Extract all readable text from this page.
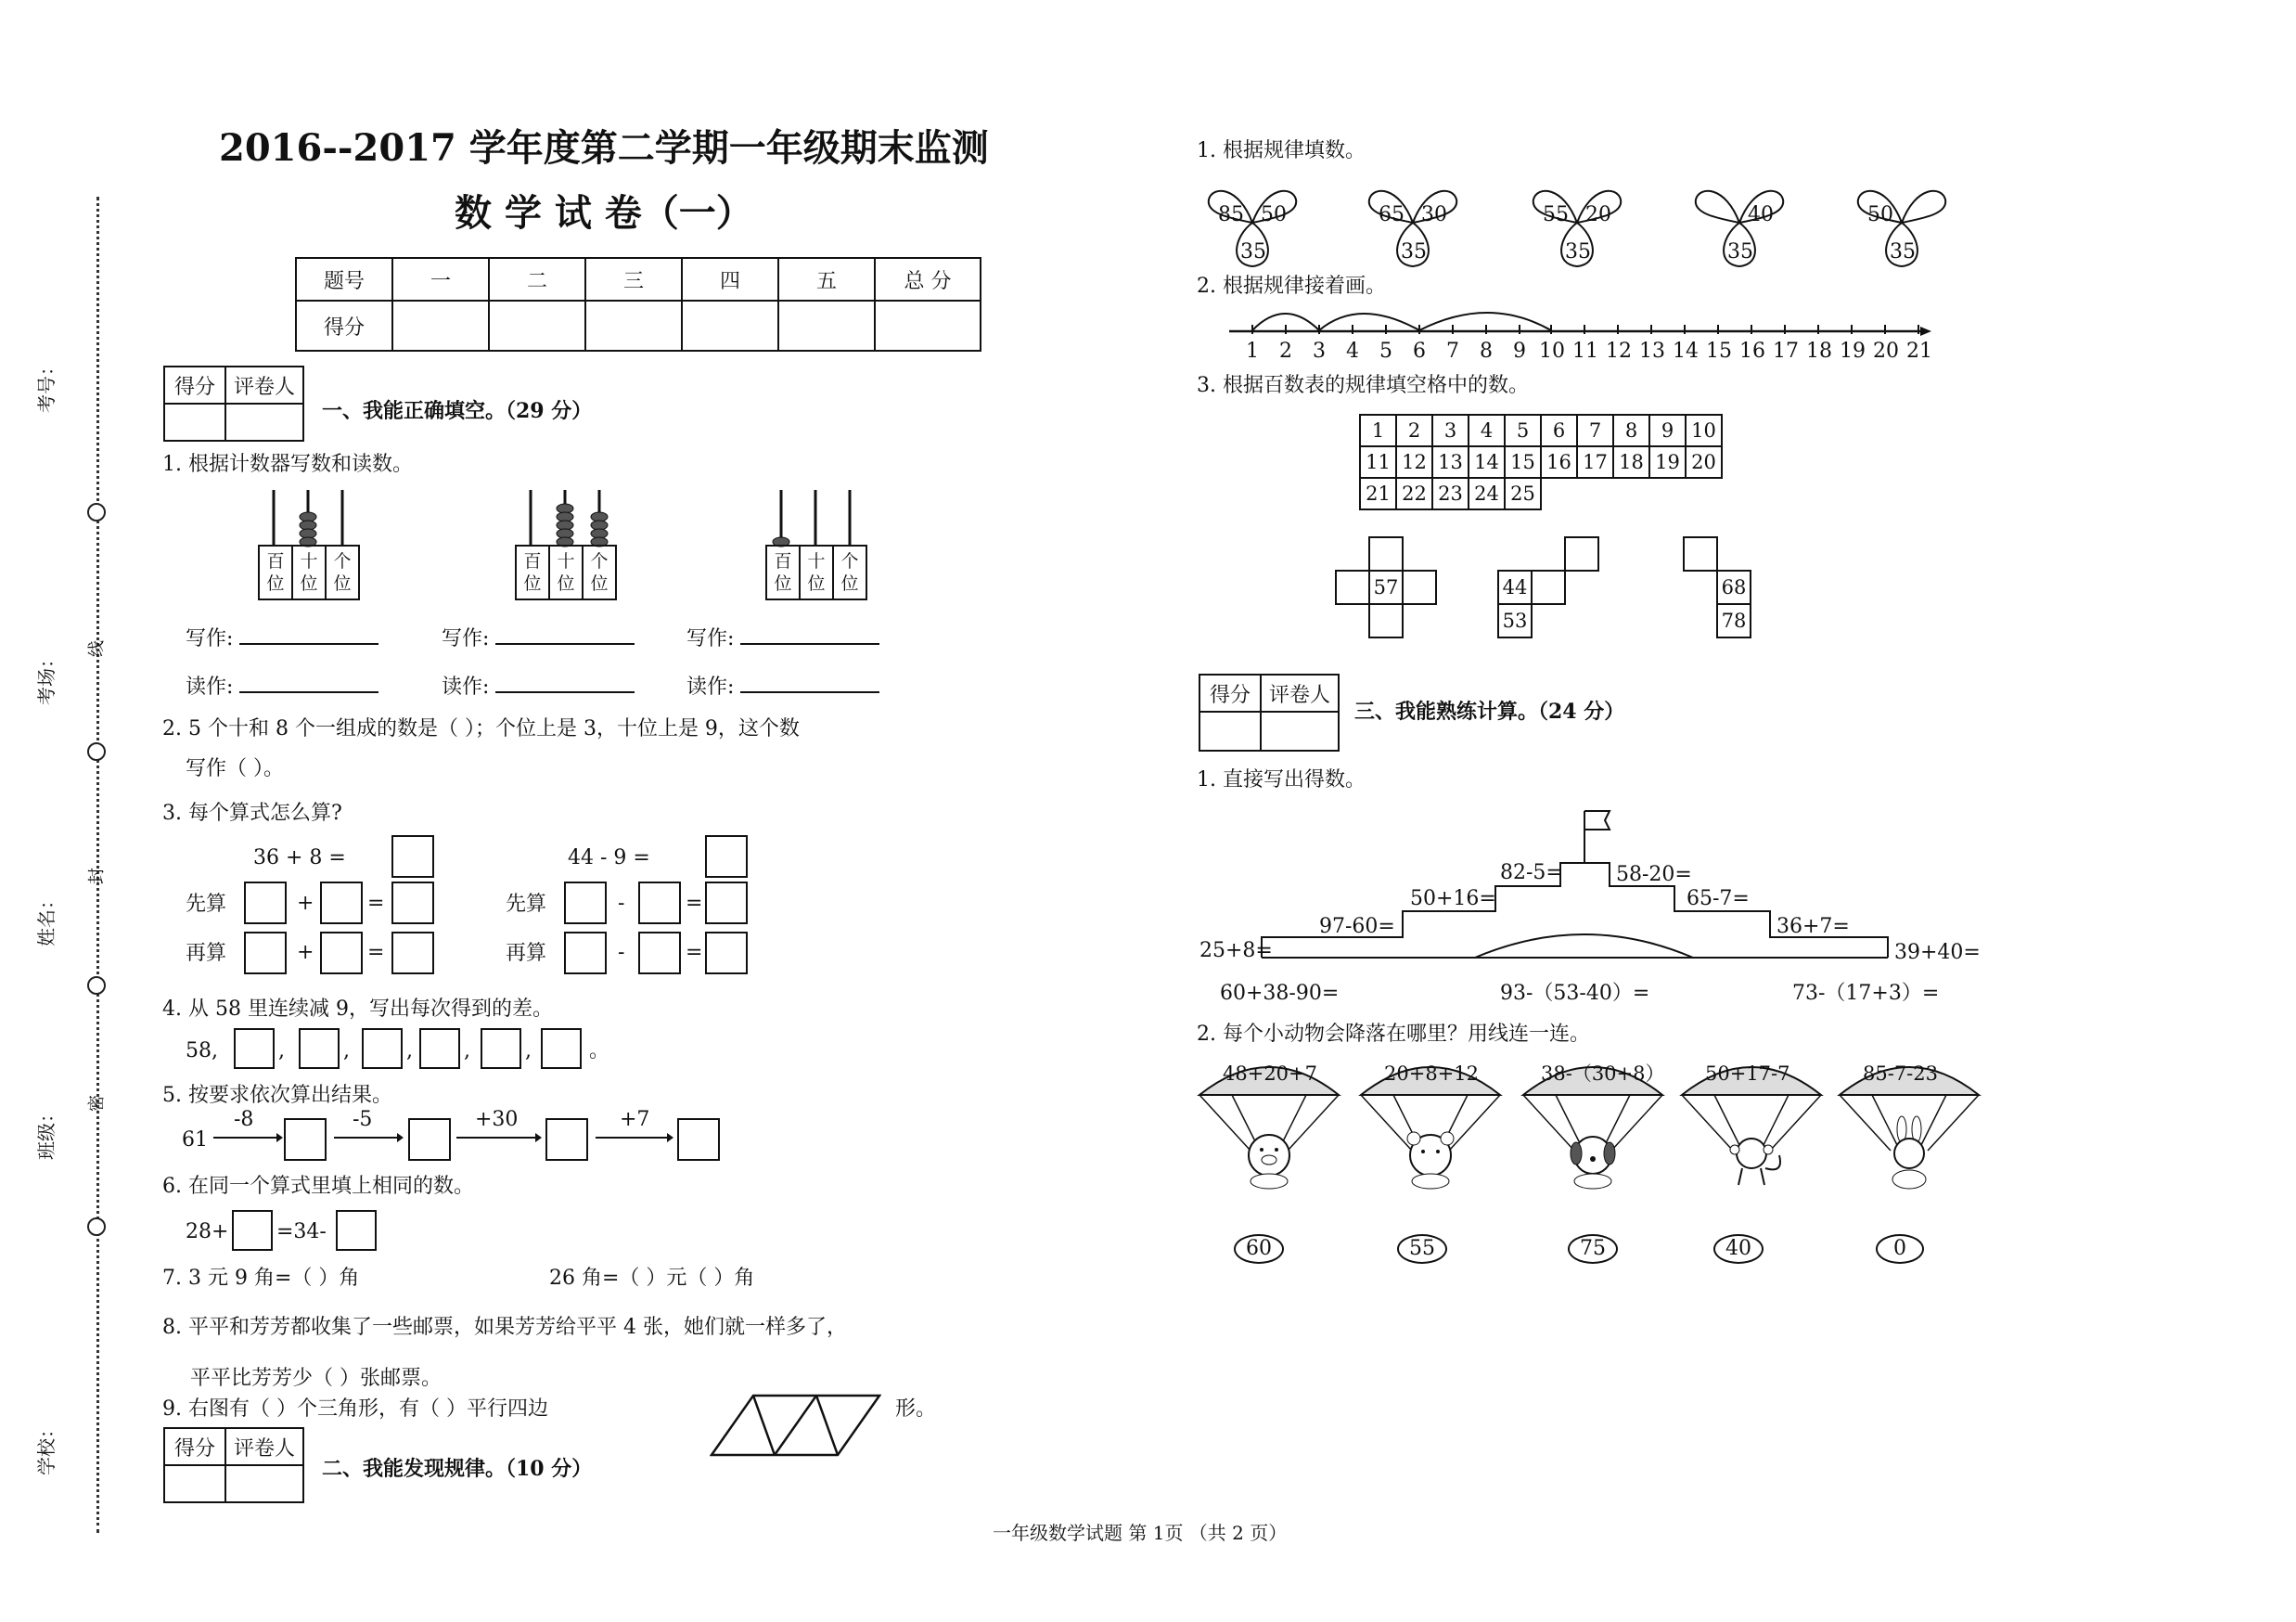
考号：
考场：
姓名：
班级：
学校：
线
封
密
2016--2017 学年度第二学期一年级期末监测
数 学 试 卷（一）
题号	一	二	三	四	五	总 分
得分						
得分	评卷人

一、我能正确填空。（29 分）
1. 根据计数器写数和读数。
百
位	十
位	个
位
百
位	十
位	个
位
百
位	十
位	个
位
写作:	写作:	写作:
读作:	读作:	读作:
2. 5 个十和 8 个一组成的数是（ ）；个位上是 3，十位上是 9，这个数
写作（ ）。
3. 每个算式怎么算?
36 + 8 =	44 - 9 =
先算	+	=	先算	-	=
再算	+	=	再算	-	=
4. 从 58 里连续减 9，写出每次得到的差。
58,	,	,	,	,	,	。
5. 按要求依次算出结果。
61
-8	-5	+30	+7
6. 在同一个算式里填上相同的数。
28+ =34-
7. 3 元 9 角=（ ）角	26 角=（ ）元（ ）角
8. 平平和芳芳都收集了一些邮票，如果芳芳给平平 4 张，她们就一样多了，
平平比芳芳少（ ）张邮票。
9. 右图有（ ）个三角形，有（ ）平行四边	形。
得分	评卷人

二、我能发现规律。（10 分）
1. 根据规律填数。
85 50
35
65 30
35
55 20
35
40
35
50
35
2. 根据规律接着画。
1 2 3 4 5 6 7 8 9 10 11 12 13 14 15 16 17 18 19 20 21
3. 根据百数表的规律填空格中的数。
1	2	3	4	5	6	7	8	9	10
11	12	13	14	15	16	17	18	19	20
21	22	23	24	25					
57	44
53
68
78
得分	评卷人

三、我能熟练计算。（24 分）
1. 直接写出得数。
82-5=	58-20=
50+16=	65-7=
97-60=	36+7=
25+8=	39+40=
60+38-90=	93-（53-40）=	73-（17+3）=
2. 每个小动物会降落在哪里？用线连一连。
48+20+7	20+8+12	38-（30+8） 50+17-7	85-7-23
60	55	75	40	0
一年级数学试题 第 1页 （共 2 页）
